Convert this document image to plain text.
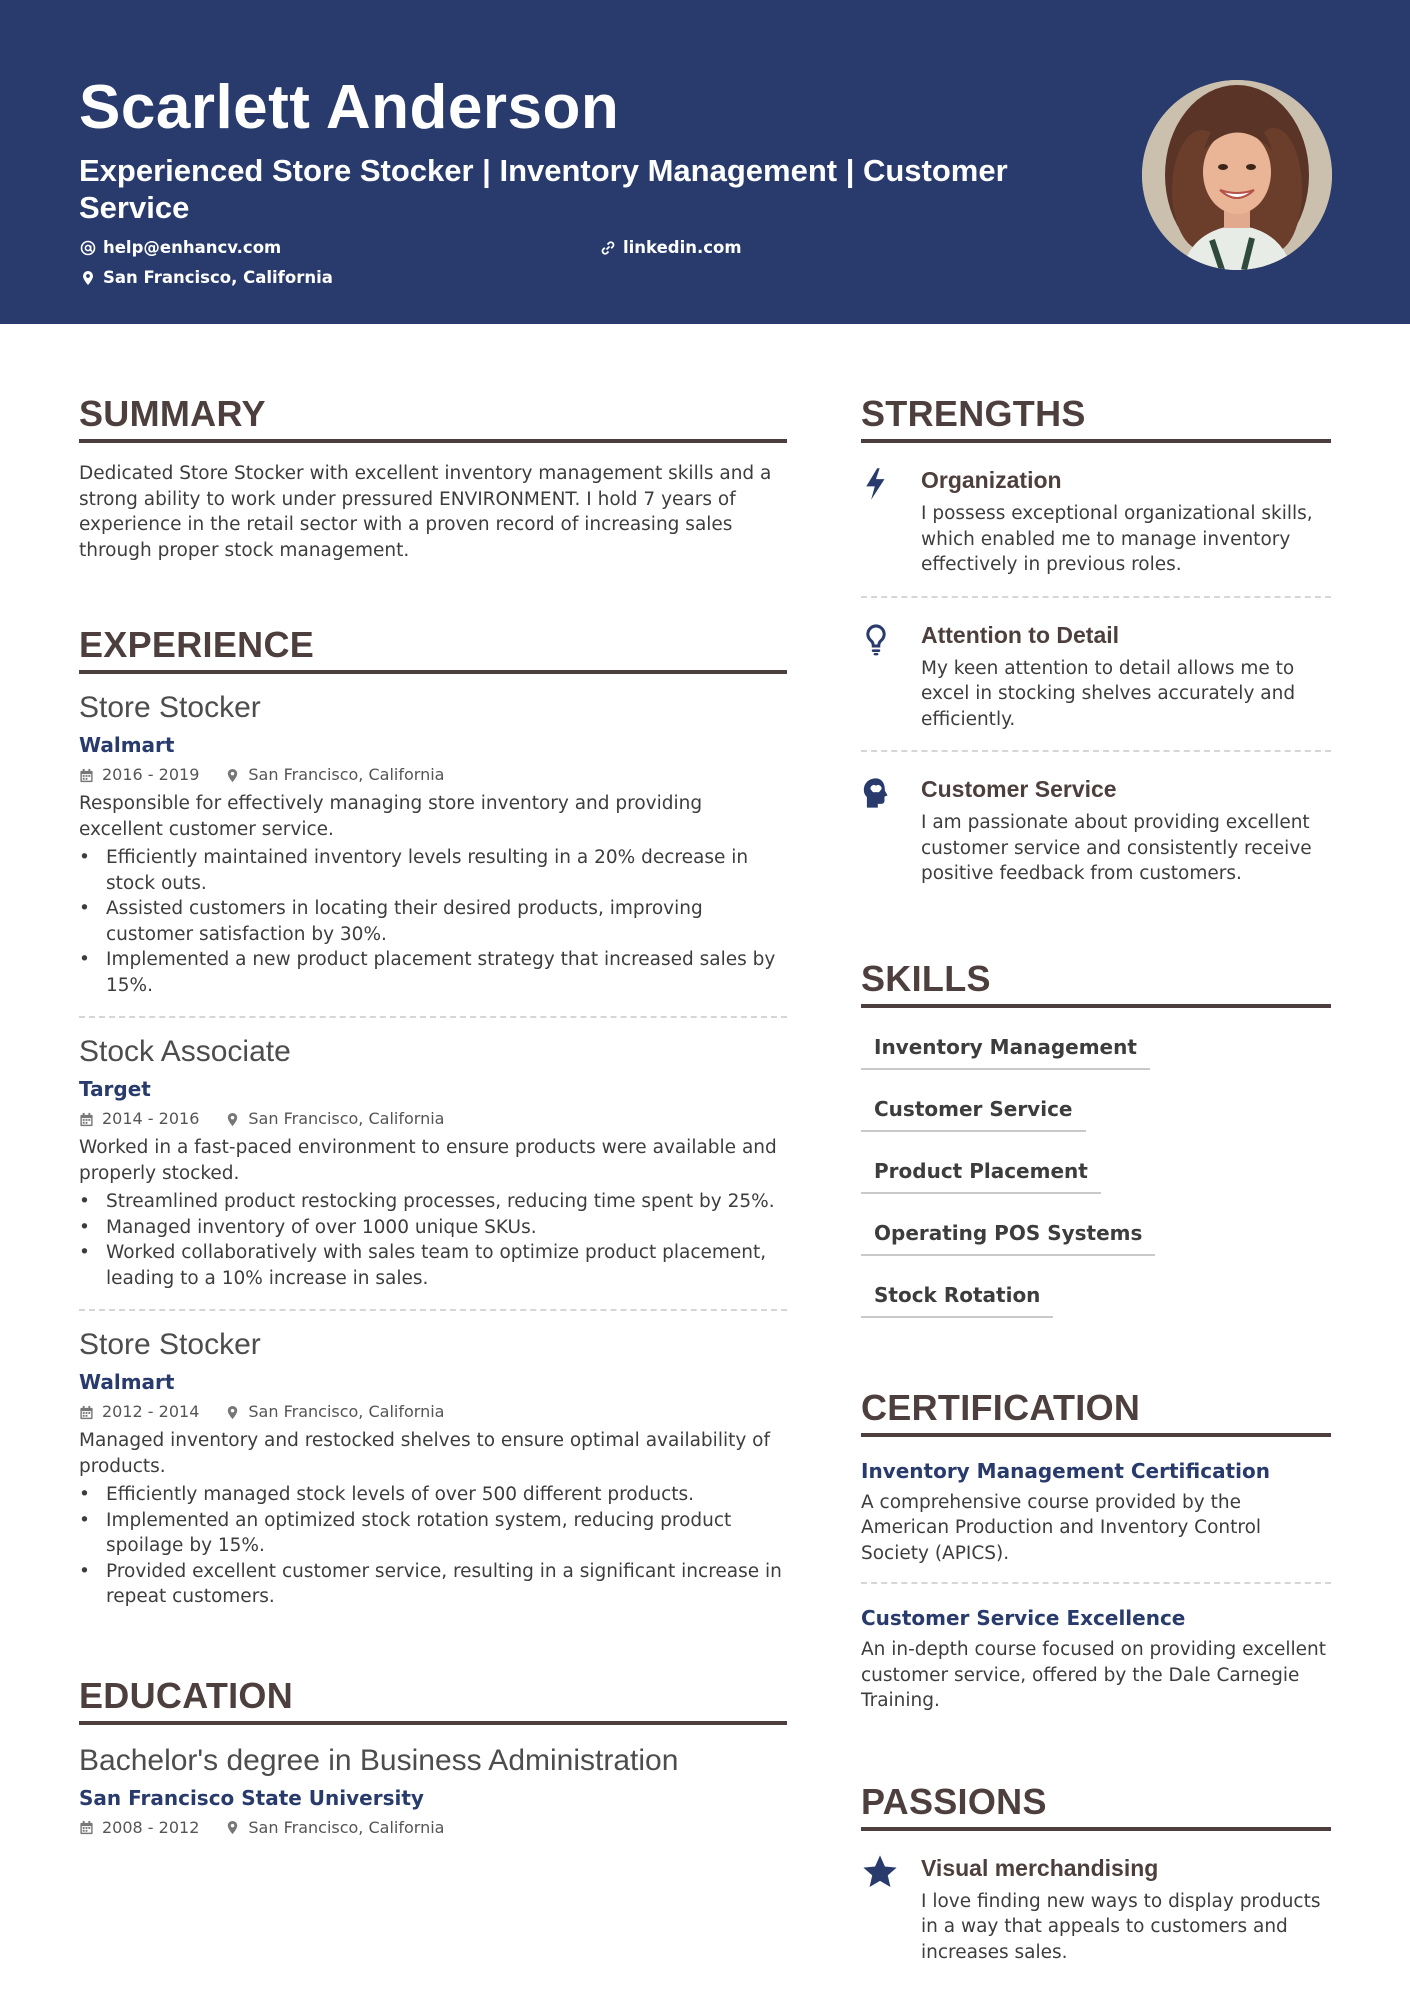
Scarlett Anderson
Experienced Store Stocker | Inventory Management | Customer Service
help@enhancv.com	linkedin.com
San Francisco, California
SUMMARY

Dedicated Store Stocker with excellent inventory management skills and a strong ability to work under pressured ENVIRONMENT. I hold 7 years of experience in the retail sector with a proven record of increasing sales through proper stock management.

EXPERIENCE
Store Stocker
Walmart
2016 - 2019	San Francisco, California

Responsible for effectively managing store inventory and providing excellent customer service.

• Efficiently maintained inventory levels resulting in a 20% decrease in stock outs.
• Assisted customers in locating their desired products, improving customer satisfaction by 30%.
• Implemented a new product placement strategy that increased sales by 15%.
Stock Associate
Target
2014 - 2016	San Francisco, California

Worked in a fast-paced environment to ensure products were available and properly stocked.

• Streamlined product restocking processes, reducing time spent by 25%.
• Managed inventory of over 1000 unique SKUs.
• Worked collaboratively with sales team to optimize product placement, leading to a 10% increase in sales.
Store Stocker
Walmart
2012 - 2014	San Francisco, California

Managed inventory and restocked shelves to ensure optimal availability of products.

• Efficiently managed stock levels of over 500 different products.
• Implemented an optimized stock rotation system, reducing product spoilage by 15%.
• Provided excellent customer service, resulting in a significant increase in repeat customers.
EDUCATION
Bachelor's degree in Business Administration
San Francisco State University
2008 - 2012	San Francisco, California
STRENGTHS
Organization

I possess exceptional organizational skills, which enabled me to manage inventory effectively in previous roles.

Attention to Detail

My keen attention to detail allows me to excel in stocking shelves accurately and efficiently.

Customer Service

I am passionate about providing excellent customer service and consistently receive positive feedback from customers.

SKILLS
Inventory Management
Customer Service
Product Placement
Operating POS Systems
Stock Rotation
CERTIFICATION
Inventory Management Certification

A comprehensive course provided by the American Production and Inventory Control Society (APICS).

Customer Service Excellence

An in-depth course focused on providing excellent customer service, offered by the Dale Carnegie Training.

PASSIONS
Visual merchandising

I love finding new ways to display products in a way that appeals to customers and increases sales.
